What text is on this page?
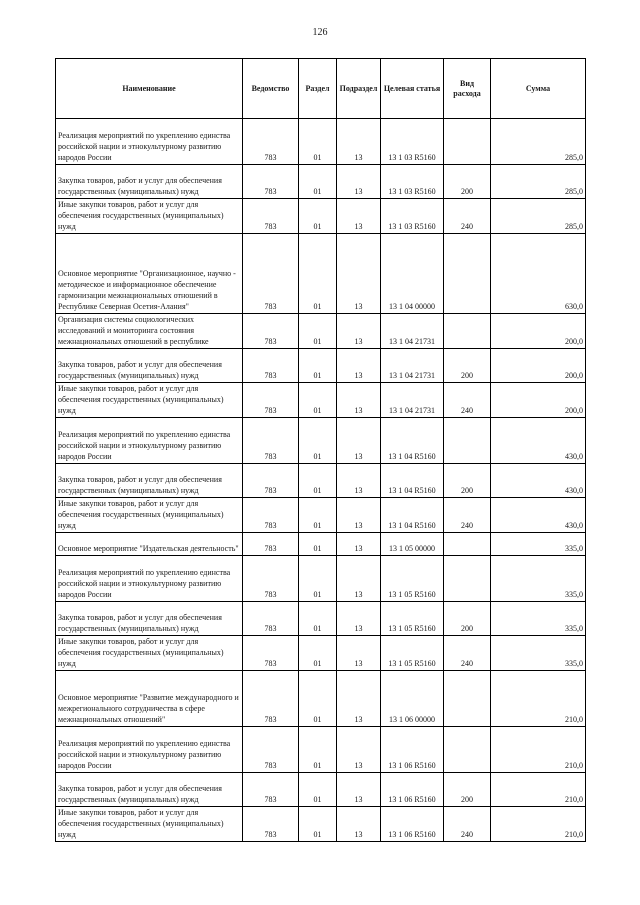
126
Наименование	Ведомство	Раздел	Подраздел	Целевая статья	Вид расхода	Сумма
Реализация мероприятий по укреплению единства российской нации и этнокультурному развитию народов России	783	01	13	13 1 03 R5160		285,0
Закупка товаров, работ и услуг для обеспечения государственных (муниципальных) нужд	783	01	13	13 1 03 R5160	200	285,0
Иные закупки товаров, работ и услуг для обеспечения государственных (муниципальных) нужд	783	01	13	13 1 03 R5160	240	285,0
Основное мероприятие "Организационное, научно - методическое и информационное обеспечение гармонизации межнациональных отношений в Республике Северная Осетия-Алания"	783	01	13	13 1 04 00000		630,0
Организация системы социологических исследований и мониторинга состояния межнациональных отношений в республике	783	01	13	13 1 04 21731		200,0
Закупка товаров, работ и услуг для обеспечения государственных (муниципальных) нужд	783	01	13	13 1 04 21731	200	200,0
Иные закупки товаров, работ и услуг для обеспечения государственных (муниципальных) нужд	783	01	13	13 1 04 21731	240	200,0
Реализация мероприятий по укреплению единства российской нации и этнокультурному развитию народов России	783	01	13	13 1 04 R5160		430,0
Закупка товаров, работ и услуг для обеспечения государственных (муниципальных) нужд	783	01	13	13 1 04 R5160	200	430,0
Иные закупки товаров, работ и услуг для обеспечения государственных (муниципальных) нужд	783	01	13	13 1 04 R5160	240	430,0
Основное мероприятие "Издательская деятельность"	783	01	13	13 1 05 00000		335,0
Реализация мероприятий по укреплению единства российской нации и этнокультурному развитию народов России	783	01	13	13 1 05 R5160		335,0
Закупка товаров, работ и услуг для обеспечения государственных (муниципальных) нужд	783	01	13	13 1 05 R5160	200	335,0
Иные закупки товаров, работ и услуг для обеспечения государственных (муниципальных) нужд	783	01	13	13 1 05 R5160	240	335,0
Основное мероприятие "Развитие международного и межрегионального сотрудничества в сфере межнациональных отношений"	783	01	13	13 1 06 00000		210,0
Реализация мероприятий по укреплению единства российской нации и этнокультурному развитию народов России	783	01	13	13 1 06 R5160		210,0
Закупка товаров, работ и услуг для обеспечения государственных (муниципальных) нужд	783	01	13	13 1 06 R5160	200	210,0
Иные закупки товаров, работ и услуг для обеспечения государственных (муниципальных) нужд	783	01	13	13 1 06 R5160	240	210,0
